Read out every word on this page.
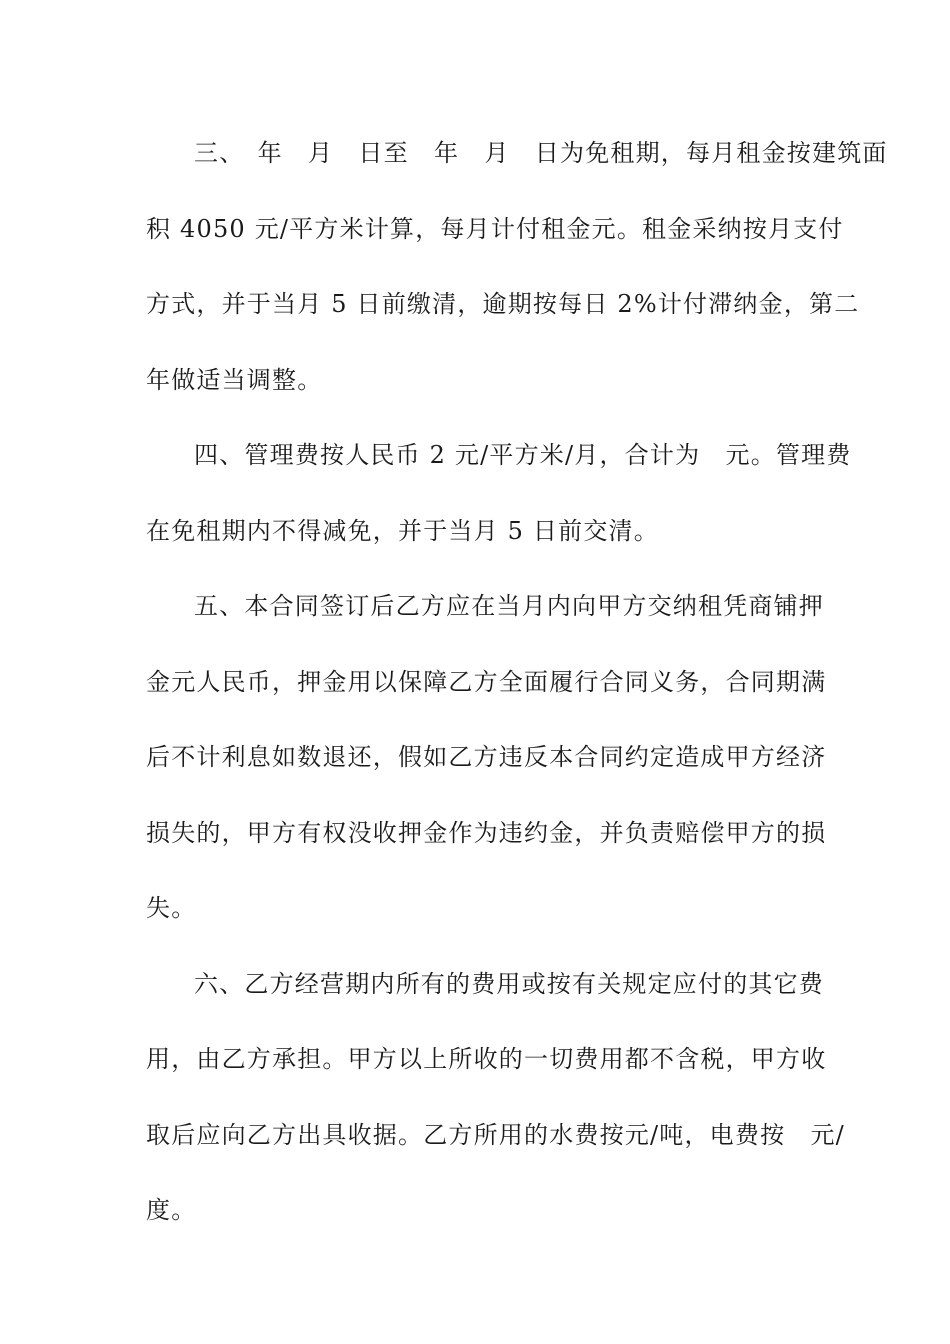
三、　年　月　日至　年　月　日为免租期，每月租金按建筑面
积 4050 元/平方米计算，每月计付租金元。租金采纳按月支付
方式，并于当月 5 日前缴清，逾期按每日 2%计付滞纳金，第二
年做适当调整。
四、管理费按人民币 2 元/平方米/月，合计为　元。管理费
在免租期内不得减免，并于当月 5 日前交清。
五、本合同签订后乙方应在当月内向甲方交纳租凭商铺押
金元人民币，押金用以保障乙方全面履行合同义务，合同期满
后不计利息如数退还，假如乙方违反本合同约定造成甲方经济
损失的，甲方有权没收押金作为违约金，并负责赔偿甲方的损
失。
六、乙方经营期内所有的费用或按有关规定应付的其它费
用，由乙方承担。甲方以上所收的一切费用都不含税，甲方收
取后应向乙方出具收据。乙方所用的水费按元/吨，电费按　元/
度。
